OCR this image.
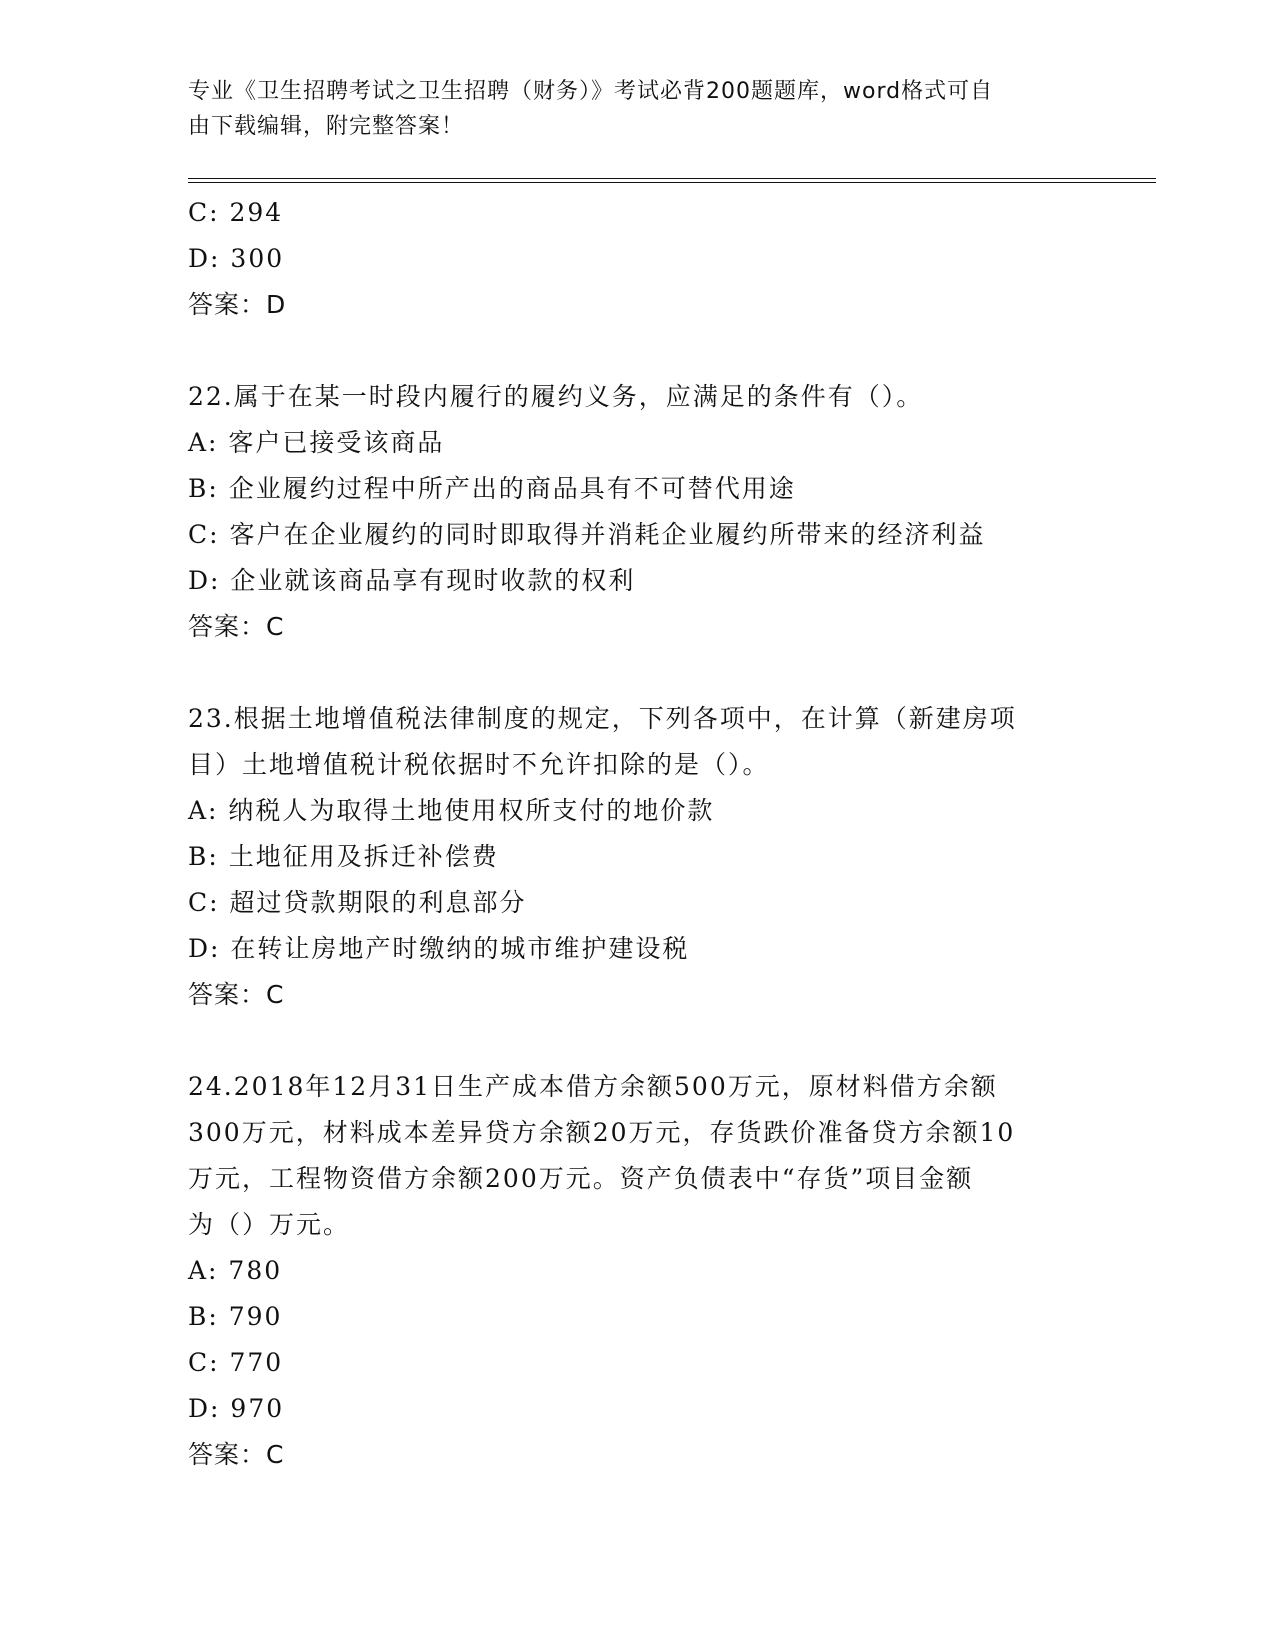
专业《卫生招聘考试之卫生招聘（财务）》考试必背200题题库，word格式可自
由下载编辑，附完整答案！
C: 294
D: 300
答案：D
22.属于在某一时段内履行的履约义务，应满足的条件有（）。
A: 客户已接受该商品
B: 企业履约过程中所产出的商品具有不可替代用途
C: 客户在企业履约的同时即取得并消耗企业履约所带来的经济利益
D: 企业就该商品享有现时收款的权利
答案：C
23.根据土地增值税法律制度的规定，下列各项中，在计算（新建房项
目）土地增值税计税依据时不允许扣除的是（）。
A: 纳税人为取得土地使用权所支付的地价款
B: 土地征用及拆迁补偿费
C: 超过贷款期限的利息部分
D: 在转让房地产时缴纳的城市维护建设税
答案：C
24.2018年12月31日生产成本借方余额500万元，原材料借方余额
300万元，材料成本差异贷方余额20万元，存货跌价准备贷方余额10
万元，工程物资借方余额200万元。资产负债表中“存货”项目金额
为（）万元。
A: 780
B: 790
C: 770
D: 970
答案：C
